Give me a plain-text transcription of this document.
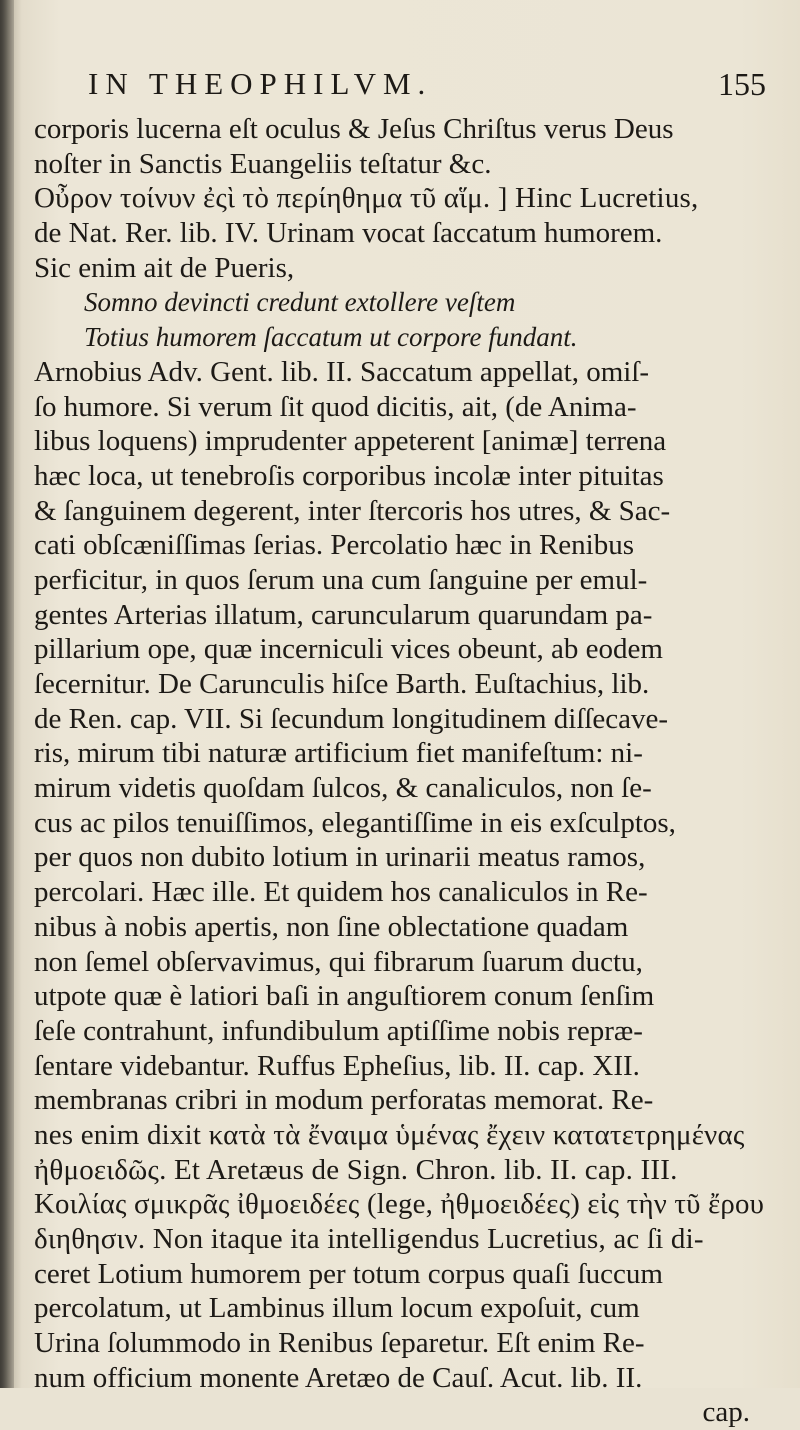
IN THEOPHILVM.	155
corporis lucerna eſt oculus & Jeſus Chriſtus verus Deus
noſter in Sanctis Euangeliis teſtatur &c.
Οὖρον τοίνυν ἐςὶ τὸ περίηθημα τῦ αἵμ. ] Hinc Lucretius,
de Nat. Rer. lib. IV. Urinam vocat ſaccatum humorem.
Sic enim ait de Pueris,
Somno devincti credunt extollere veſtem
Totius humorem ſaccatum ut corpore fundant.
Arnobius Adv. Gent. lib. II. Saccatum appellat, omiſ-
ſo humore. Si verum ſit quod dicitis, ait, (de Anima-
libus loquens) imprudenter appeterent [animæ] terrena
hæc loca, ut tenebroſis corporibus incolæ inter pituitas
& ſanguinem degerent, inter ſtercoris hos utres, & Sac-
cati obſcæniſſimas ſerias. Percolatio hæc in Renibus
perficitur, in quos ſerum una cum ſanguine per emul-
gentes Arterias illatum, caruncularum quarundam pa-
pillarium ope, quæ incerniculi vices obeunt, ab eodem
ſecernitur. De Carunculis hiſce Barth. Euſtachius, lib.
de Ren. cap. VII. Si ſecundum longitudinem diſſecave-
ris, mirum tibi naturæ artificium fiet manifeſtum: ni-
mirum videtis quoſdam ſulcos, & canaliculos, non ſe-
cus ac pilos tenuiſſimos, elegantiſſime in eis exſculptos,
per quos non dubito lotium in urinarii meatus ramos,
percolari. Hæc ille. Et quidem hos canaliculos in Re-
nibus à nobis apertis, non ſine oblectatione quadam
non ſemel obſervavimus, qui fibrarum ſuarum ductu,
utpote quæ è latiori baſi in anguſtiorem conum ſenſim
ſeſe contrahunt, infundibulum aptiſſime nobis repræ-
ſentare videbantur. Ruffus Epheſius, lib. II. cap. XII.
membranas cribri in modum perforatas memorat. Re-
nes enim dixit κατὰ τὰ ἔναιμα ὑμένας ἔχειν κατατετρημένας
ἠθμοειδῶς. Et Aretæus de Sign. Chron. lib. II. cap. III.
Κοιλίας σμικρᾶς ἰθμοειδέες (lege, ἠθμοειδέες) εἰς τὴν τῦ ἔρου
διηθησιν. Non itaque ita intelligendus Lucretius, ac ſi di-
ceret Lotium humorem per totum corpus quaſi ſuccum
percolatum, ut Lambinus illum locum expoſuit, cum
Urina ſolummodo in Renibus ſeparetur. Eſt enim Re-
num officium monente Aretæo de Cauſ. Acut. lib. II.
cap.
